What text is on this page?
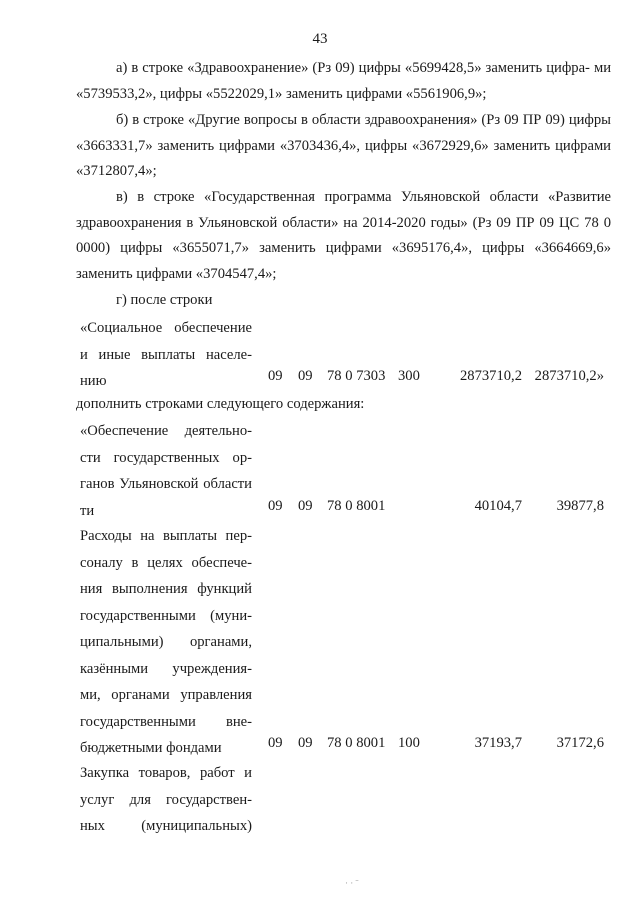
43
а) в строке «Здравоохранение» (Рз 09) цифры «5699428,5» заменить цифра- ми «5739533,2», цифры «5522029,1» заменить цифрами «5561906,9»;
б) в строке «Другие вопросы в области здравоохранения» (Рз 09 ПР 09) цифры «3663331,7» заменить цифрами «3703436,4», цифры «3672929,6» заменить цифрами «3712807,4»;
в) в строке «Государственная программа Ульяновской области «Развитие здравоохранения в Ульяновской области» на 2014-2020 годы» (Рз 09 ПР 09 ЦС 78 0 0000) цифры «3655071,7» заменить цифрами «3695176,4», цифры «3664669,6» заменить цифрами «3704547,4»;
г) после строки
«Социальное обеспечение
и иные выплаты населе-
нию	09 09 78 0 7303 300	2873710,2 2873710,2»
дополнить строками следующего содержания:
«Обеспечение деятельно-
сти государственных ор-
ганов Ульяновской области
ти	09 09 78 0 8001	40104,7 39877,8
Расходы на выплаты пер-
соналу в целях обеспече-
ния выполнения функций
государственными (муни-
ципальными) органами,
казёнными учреждения-
ми, органами управления
государственными вне-
бюджетными фондами	09 09 78 0 8001 100	37193,7 37172,6
Закупка товаров, работ и
услуг для государствен-
ных (муниципальных)
· · ˉ
